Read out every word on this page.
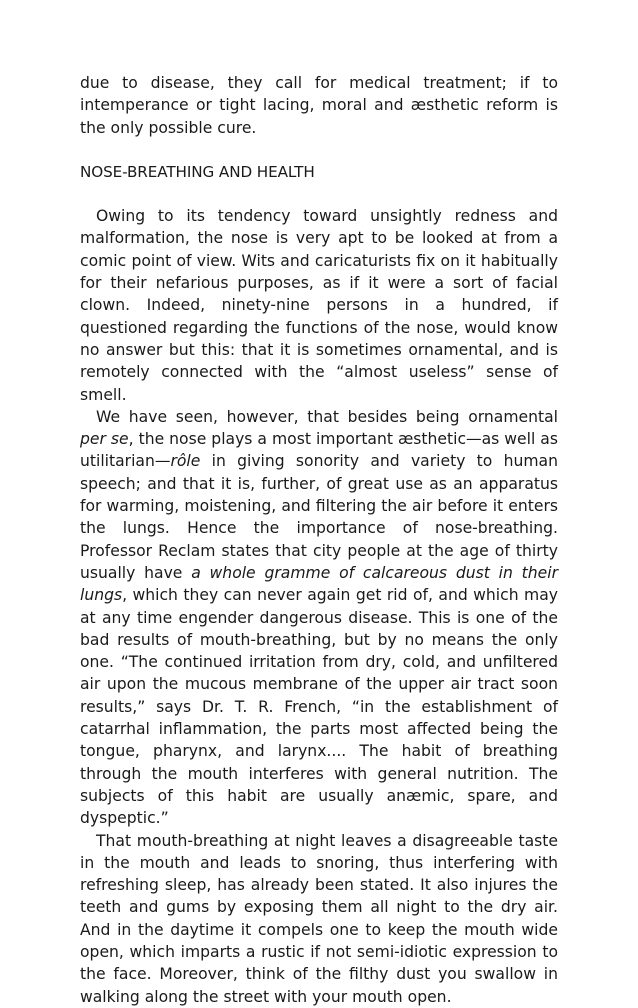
due to disease, they call for medical treatment; if to intemperance or tight lacing, moral and æsthetic reform is the only possible cure.

NOSE-BREATHING AND HEALTH

Owing to its tendency toward unsightly redness and malformation, the nose is very apt to be looked at from a comic point of view. Wits and caricaturists fix on it habitually for their nefarious purposes, as if it were a sort of facial clown. Indeed, ninety-nine persons in a hundred, if questioned regarding the functions of the nose, would know no answer but this: that it is sometimes ornamental, and is remotely connected with the “almost useless” sense of smell.

We have seen, however, that besides being ornamental per se, the nose plays a most important æsthetic—as well as utilitarian—rôle in giving sonority and variety to human speech; and that it is, further, of great use as an apparatus for warming, moistening, and filtering the air before it enters the lungs. Hence the importance of nose-breathing. Professor Reclam states that city people at the age of thirty usually have a whole gramme of calcareous dust in their lungs, which they can never again get rid of, and which may at any time engender dangerous disease. This is one of the bad results of mouth-breathing, but by no means the only one. “The continued irritation from dry, cold, and unfiltered air upon the mucous membrane of the upper air tract soon results,” says Dr. T. R. French, “in the establishment of catarrhal inflammation, the parts most affected being the tongue, pharynx, and larynx.... The habit of breathing through the mouth interferes with general nutrition. The subjects of this habit are usually anæmic, spare, and dyspeptic.”

That mouth-breathing at night leaves a disagreeable taste in the mouth and leads to snoring, thus interfering with refreshing sleep, has already been stated. It also injures the teeth and gums by exposing them all night to the dry air. And in the daytime it compels one to keep the mouth wide open, which imparts a rustic if not semi-idiotic expression to the face. Moreover, think of the filthy dust you swallow in walking along the street with your mouth open.
